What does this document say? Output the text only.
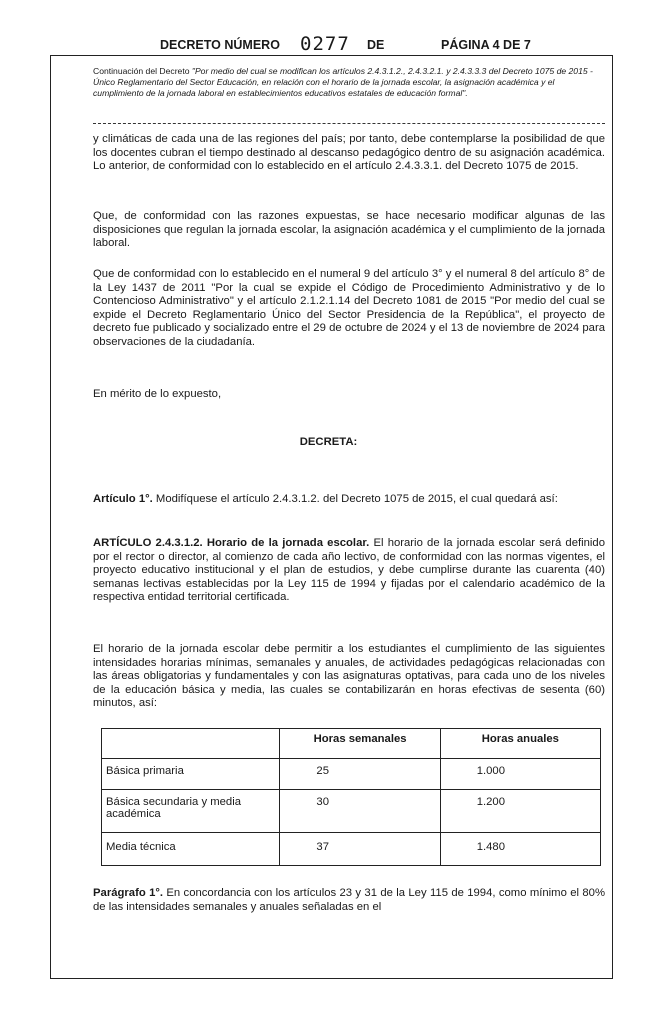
DECRETO NÚMERO 0277 DE	PÁGINA 4 DE 7
Continuación del Decreto "Por medio del cual se modifican los artículos 2.4.3.1.2., 2.4.3.2.1. y 2.4.3.3.3 del Decreto 1075 de 2015 - Único Reglamentario del Sector Educación, en relación con el horario de la jornada escolar, la asignación académica y el cumplimiento de la jornada laboral en establecimientos educativos estatales de educación formal".
y climáticas de cada una de las regiones del país; por tanto, debe contemplarse la posibilidad de que los docentes cubran el tiempo destinado al descanso pedagógico dentro de su asignación académica. Lo anterior, de conformidad con lo establecido en el artículo 2.4.3.3.1. del Decreto 1075 de 2015.
Que, de conformidad con las razones expuestas, se hace necesario modificar algunas de las disposiciones que regulan la jornada escolar, la asignación académica y el cumplimiento de la jornada laboral.
Que de conformidad con lo establecido en el numeral 9 del artículo 3° y el numeral 8 del artículo 8° de la Ley 1437 de 2011 "Por la cual se expide el Código de Procedimiento Administrativo y de lo Contencioso Administrativo" y el artículo 2.1.2.1.14 del Decreto 1081 de 2015 "Por medio del cual se expide el Decreto Reglamentario Único del Sector Presidencia de la República", el proyecto de decreto fue publicado y socializado entre el 29 de octubre de 2024 y el 13 de noviembre de 2024 para observaciones de la ciudadanía.
En mérito de lo expuesto,
DECRETA:
Artículo 1°. Modifíquese el artículo 2.4.3.1.2. del Decreto 1075 de 2015, el cual quedará así:
ARTÍCULO 2.4.3.1.2. Horario de la jornada escolar. El horario de la jornada escolar será definido por el rector o director, al comienzo de cada año lectivo, de conformidad con las normas vigentes, el proyecto educativo institucional y el plan de estudios, y debe cumplirse durante las cuarenta (40) semanas lectivas establecidas por la Ley 115 de 1994 y fijadas por el calendario académico de la respectiva entidad territorial certificada.
El horario de la jornada escolar debe permitir a los estudiantes el cumplimiento de las siguientes intensidades horarias mínimas, semanales y anuales, de actividades pedagógicas relacionadas con las áreas obligatorias y fundamentales y con las asignaturas optativas, para cada uno de los niveles de la educación básica y media, las cuales se contabilizarán en horas efectivas de sesenta (60) minutos, así:
	Horas semanales	Horas anuales
Básica primaria	25	1.000
Básica secundaria y media académica	30	1.200
Media técnica	37	1.480
Parágrafo 1°. En concordancia con los artículos 23 y 31 de la Ley 115 de 1994, como mínimo el 80% de las intensidades semanales y anuales señaladas en el
